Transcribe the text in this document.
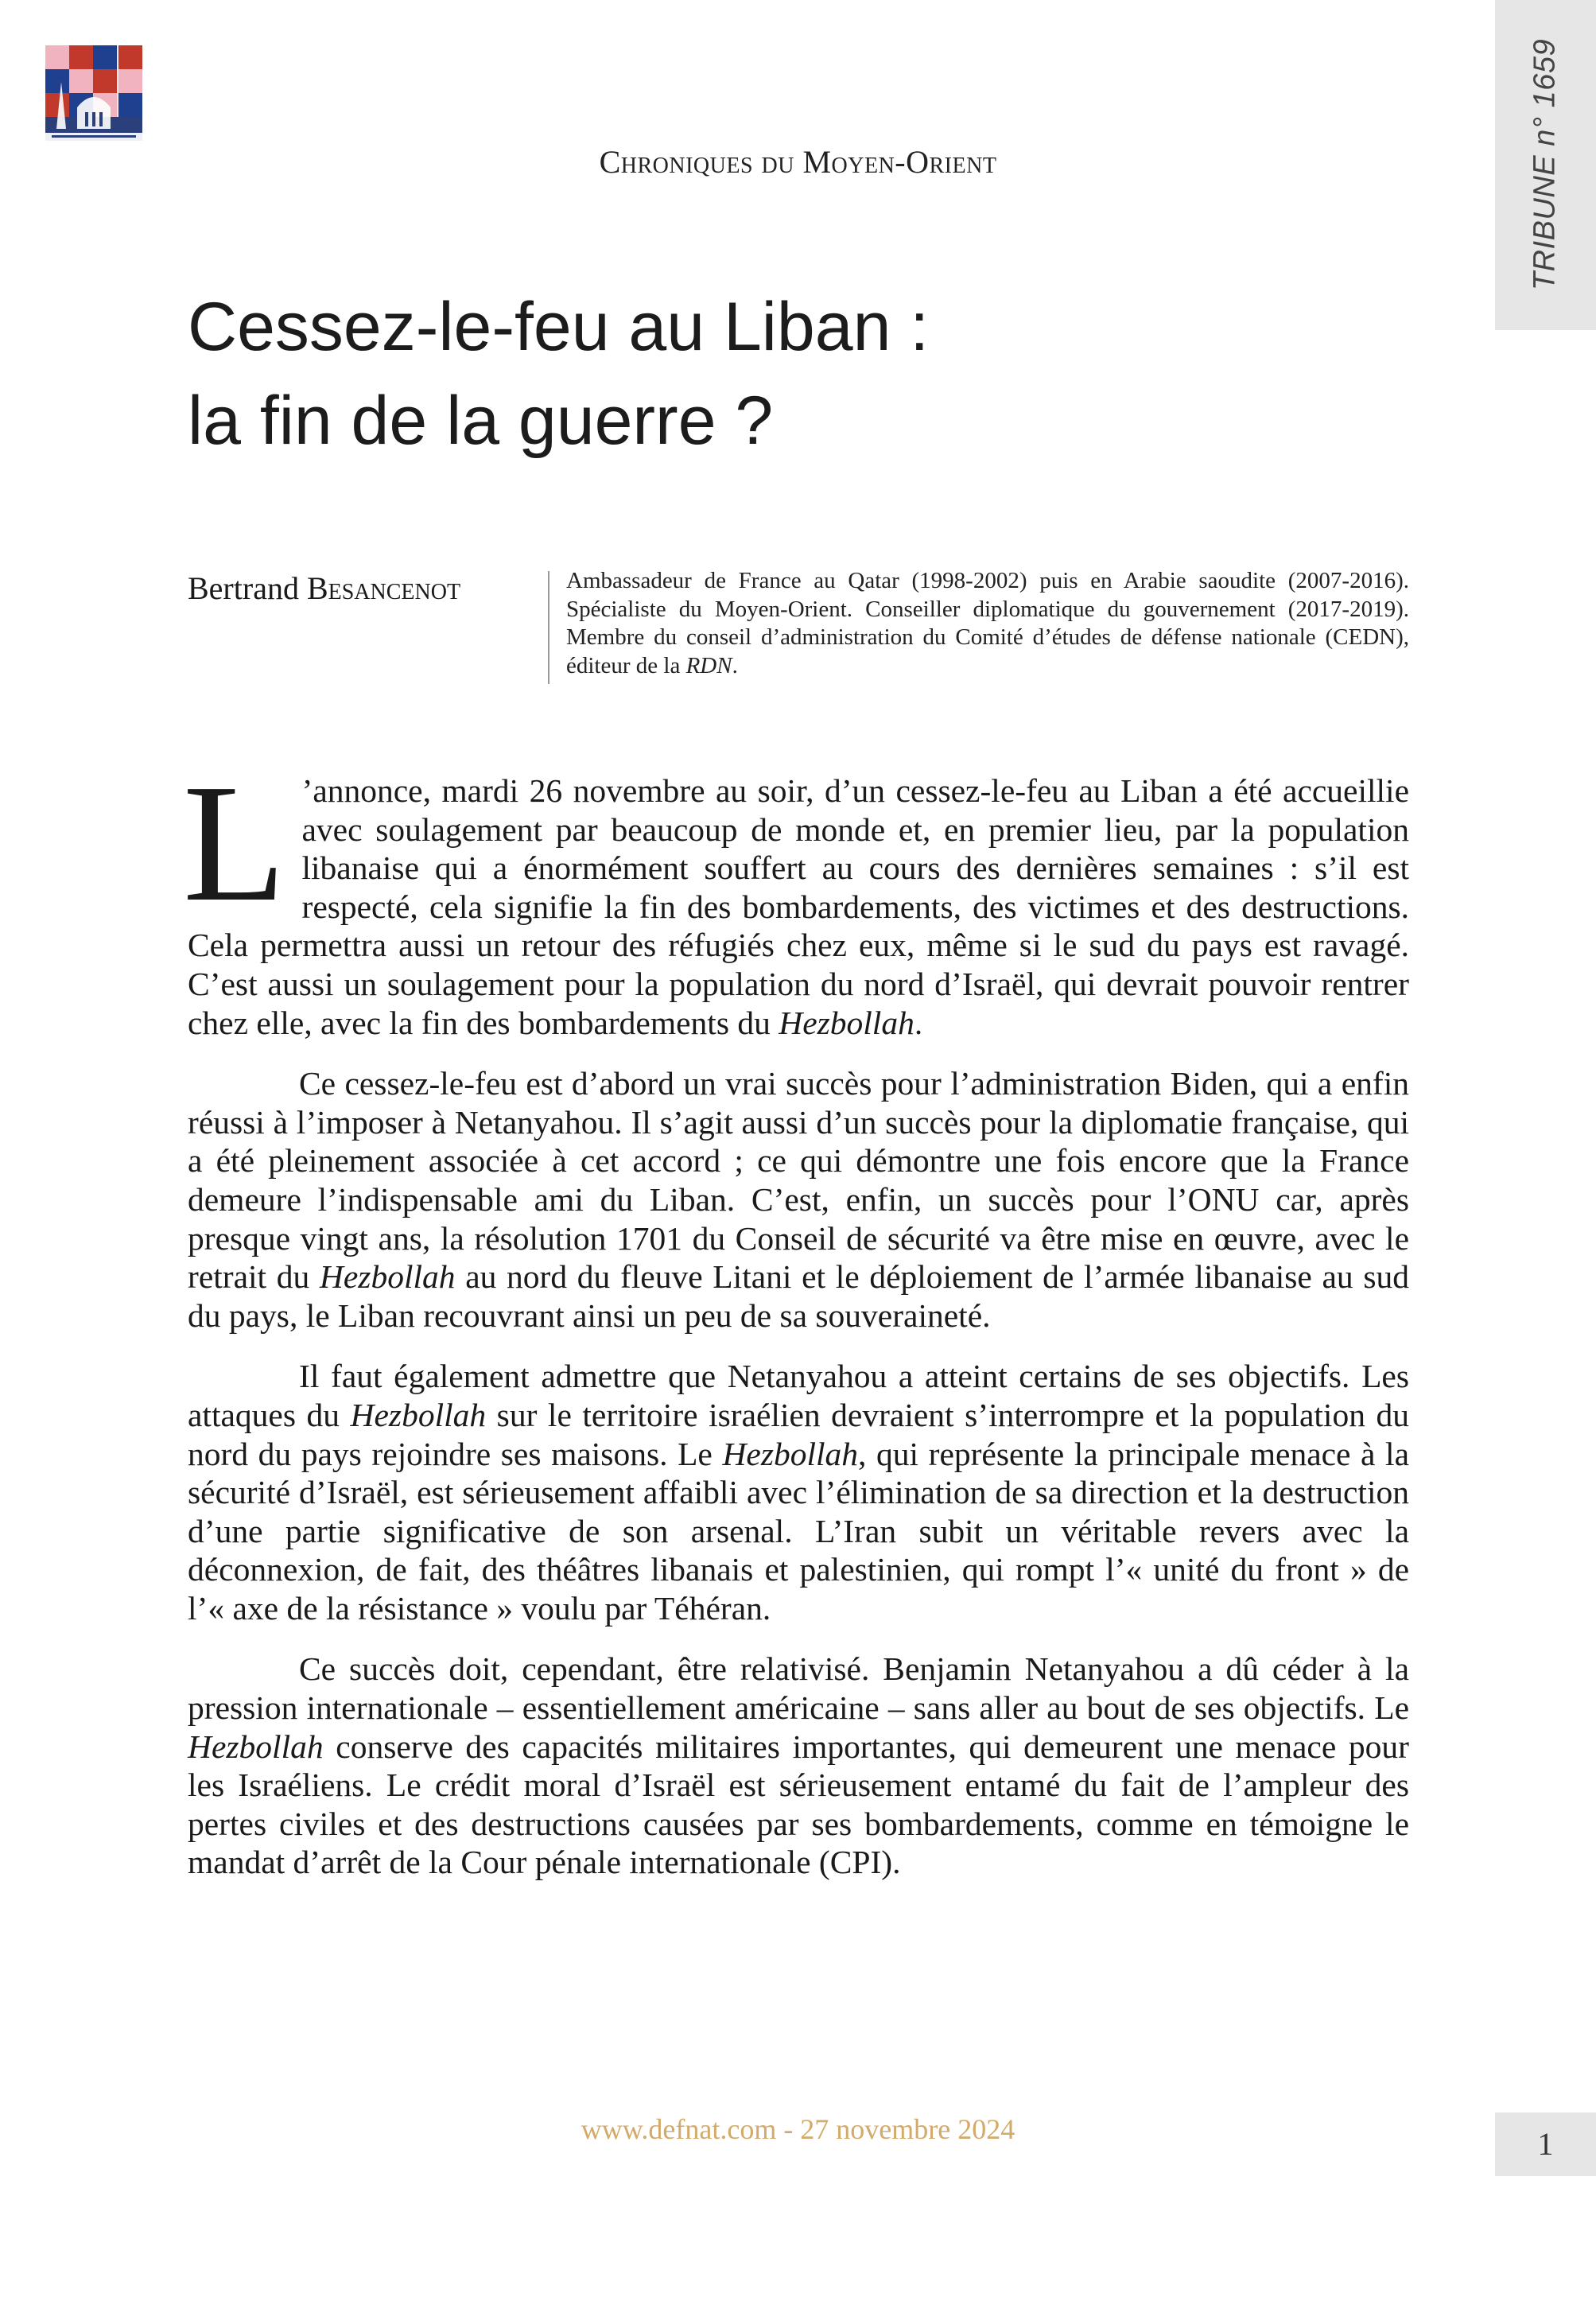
TRIBUNE n° 1659
Chroniques du Moyen-Orient
Cessez-le-feu au Liban :
la fin de la guerre ?
Bertrand Besancenot	Ambassadeur de France au Qatar (1998-2002) puis en Arabie saoudite (2007-2016). Spécialiste du Moyen-Orient. Conseiller diplomatique du gouvernement (2017-2019). Membre du conseil d’administration du Comité d’études de défense nationale (CEDN), éditeur de la RDN.

L ’annonce, mardi 26 novembre au soir, d’un cessez-le-feu au Liban a été accueillie avec soulagement par beaucoup de monde et, en premier lieu, par la population libanaise qui a énormément souffert au cours des dernières semaines : s’il est respecté, cela signifie la fin des bombardements, des victimes et des destructions. Cela permettra aussi un retour des réfugiés chez eux, même si le sud du pays est ravagé. C’est aussi un soulagement pour la population du nord d’Israël, qui devrait pouvoir rentrer chez elle, avec la fin des bombardements du Hezbollah.

Ce cessez-le-feu est d’abord un vrai succès pour l’administration Biden, qui a enfin réussi à l’imposer à Netanyahou. Il s’agit aussi d’un succès pour la diplomatie française, qui a été pleinement associée à cet accord ; ce qui démontre une fois encore que la France demeure l’indispensable ami du Liban. C’est, enfin, un succès pour l’ONU car, après presque vingt ans, la résolution 1701 du Conseil de sécurité va être mise en œuvre, avec le retrait du Hezbollah au nord du fleuve Litani et le déploiement de l’armée libanaise au sud du pays, le Liban recouvrant ainsi un peu de sa souveraineté.

Il faut également admettre que Netanyahou a atteint certains de ses objectifs. Les attaques du Hezbollah sur le territoire israélien devraient s’interrompre et la population du nord du pays rejoindre ses maisons. Le Hezbollah, qui représente la principale menace à la sécurité d’Israël, est sérieusement affaibli avec l’élimination de sa direction et la destruction d’une partie significative de son arsenal. L’Iran subit un véritable revers avec la déconnexion, de fait, des théâtres libanais et palestinien, qui rompt l’« unité du front » de l’« axe de la résistance » voulu par Téhéran.

Ce succès doit, cependant, être relativisé. Benjamin Netanyahou a dû céder à la pression internationale – essentiellement américaine – sans aller au bout de ses objectifs. Le Hezbollah conserve des capacités militaires importantes, qui demeurent une menace pour les Israéliens. Le crédit moral d’Israël est sérieusement entamé du fait de l’ampleur des pertes civiles et des destructions causées par ses bombardements, comme en témoigne le mandat d’arrêt de la Cour pénale internationale (CPI).

www.defnat.com - 27 novembre 2024	1
